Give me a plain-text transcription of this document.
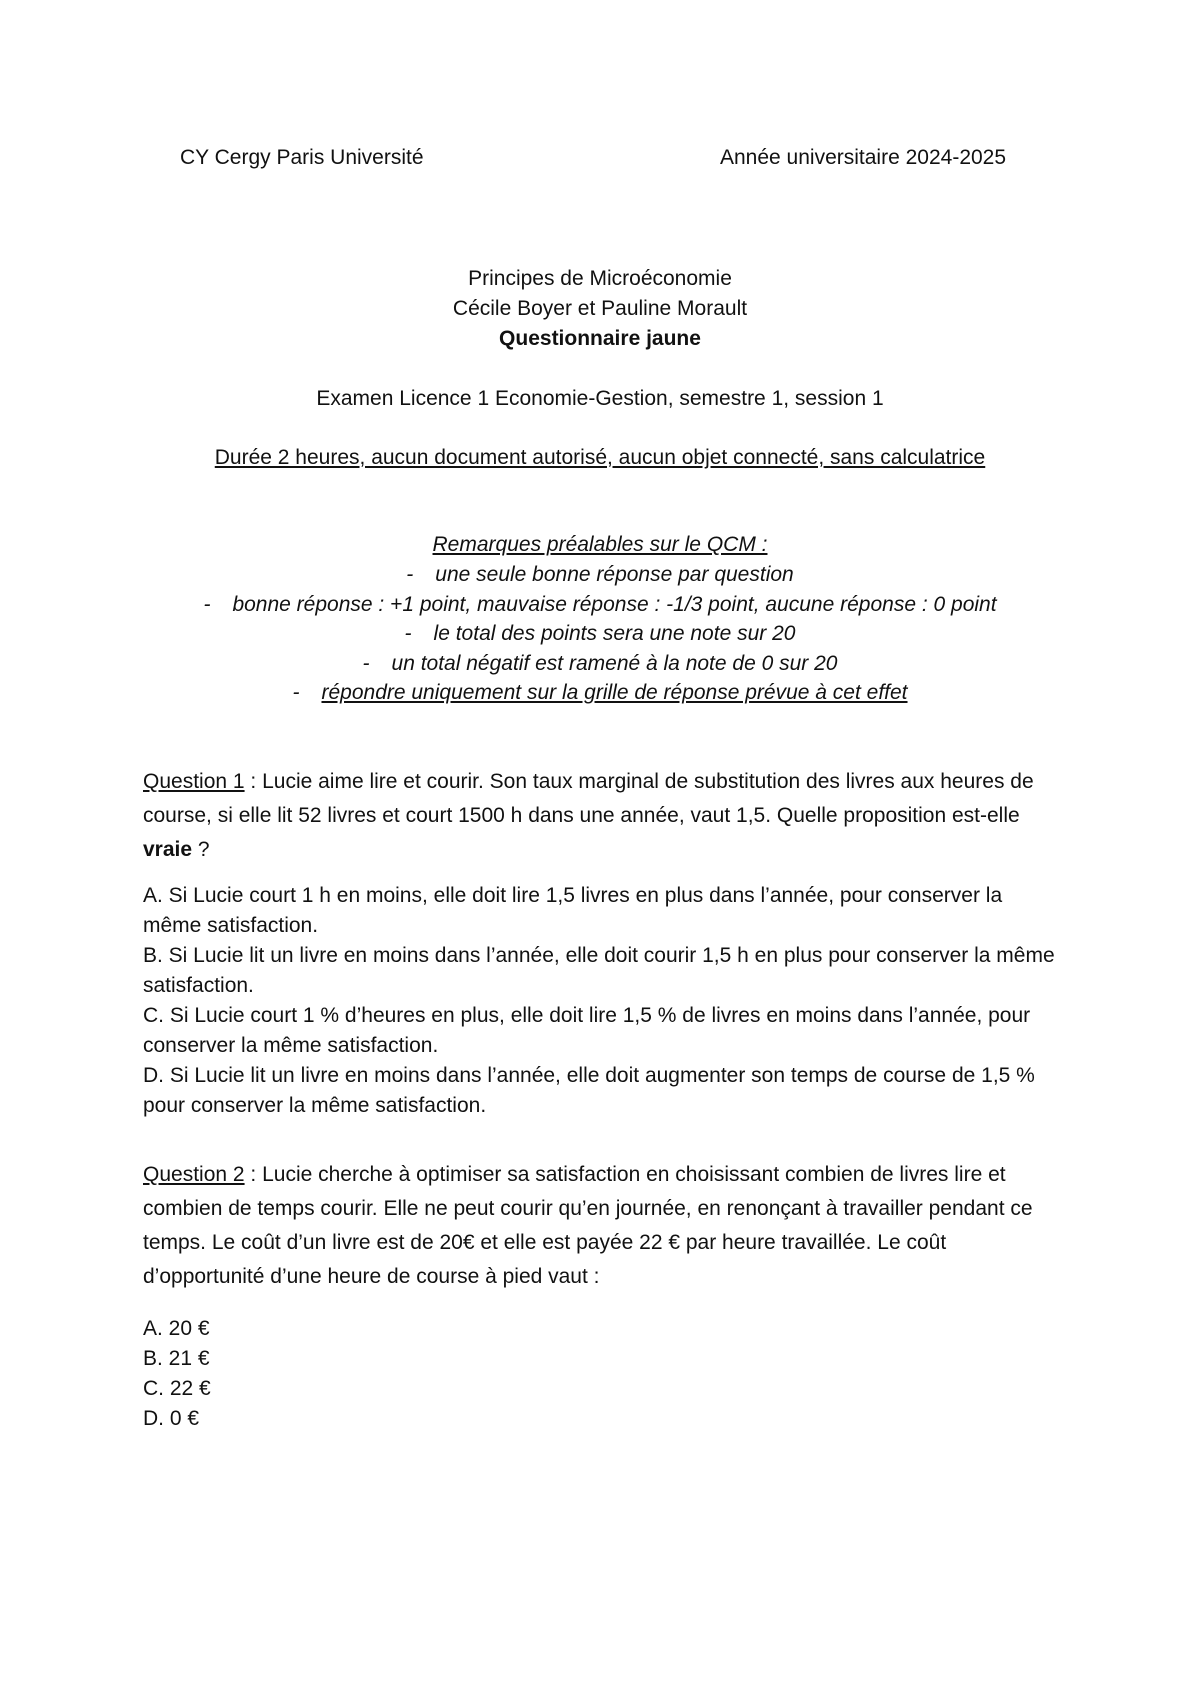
CY Cergy Paris Université	Année universitaire 2024-2025
Principes de Microéconomie
Cécile Boyer et Pauline Morault
Questionnaire jaune
Examen Licence 1 Economie-Gestion, semestre 1, session 1
Durée 2 heures, aucun document autorisé, aucun objet connecté, sans calculatrice
Remarques préalables sur le QCM :
- une seule bonne réponse par question
- bonne réponse : +1 point, mauvaise réponse : -1/3 point, aucune réponse : 0 point
- le total des points sera une note sur 20
- un total négatif est ramené à la note de 0 sur 20
- répondre uniquement sur la grille de réponse prévue à cet effet

Question 1 : Lucie aime lire et courir. Son taux marginal de substitution des livres aux heures de course, si elle lit 52 livres et court 1500 h dans une année, vaut 1,5. Quelle proposition est-elle vraie ?

A. Si Lucie court 1 h en moins, elle doit lire 1,5 livres en plus dans l’année, pour conserver la même satisfaction.
B. Si Lucie lit un livre en moins dans l’année, elle doit courir 1,5 h en plus pour conserver la même satisfaction.
C. Si Lucie court 1 % d’heures en plus, elle doit lire 1,5 % de livres en moins dans l’année, pour conserver la même satisfaction.
D. Si Lucie lit un livre en moins dans l’année, elle doit augmenter son temps de course de 1,5 % pour conserver la même satisfaction.

Question 2 : Lucie cherche à optimiser sa satisfaction en choisissant combien de livres lire et combien de temps courir. Elle ne peut courir qu’en journée, en renonçant à travailler pendant ce temps. Le coût d’un livre est de 20€ et elle est payée 22 € par heure travaillée. Le coût d’opportunité d’une heure de course à pied vaut :

A. 20 €
B. 21 €
C. 22 €
D. 0 €
